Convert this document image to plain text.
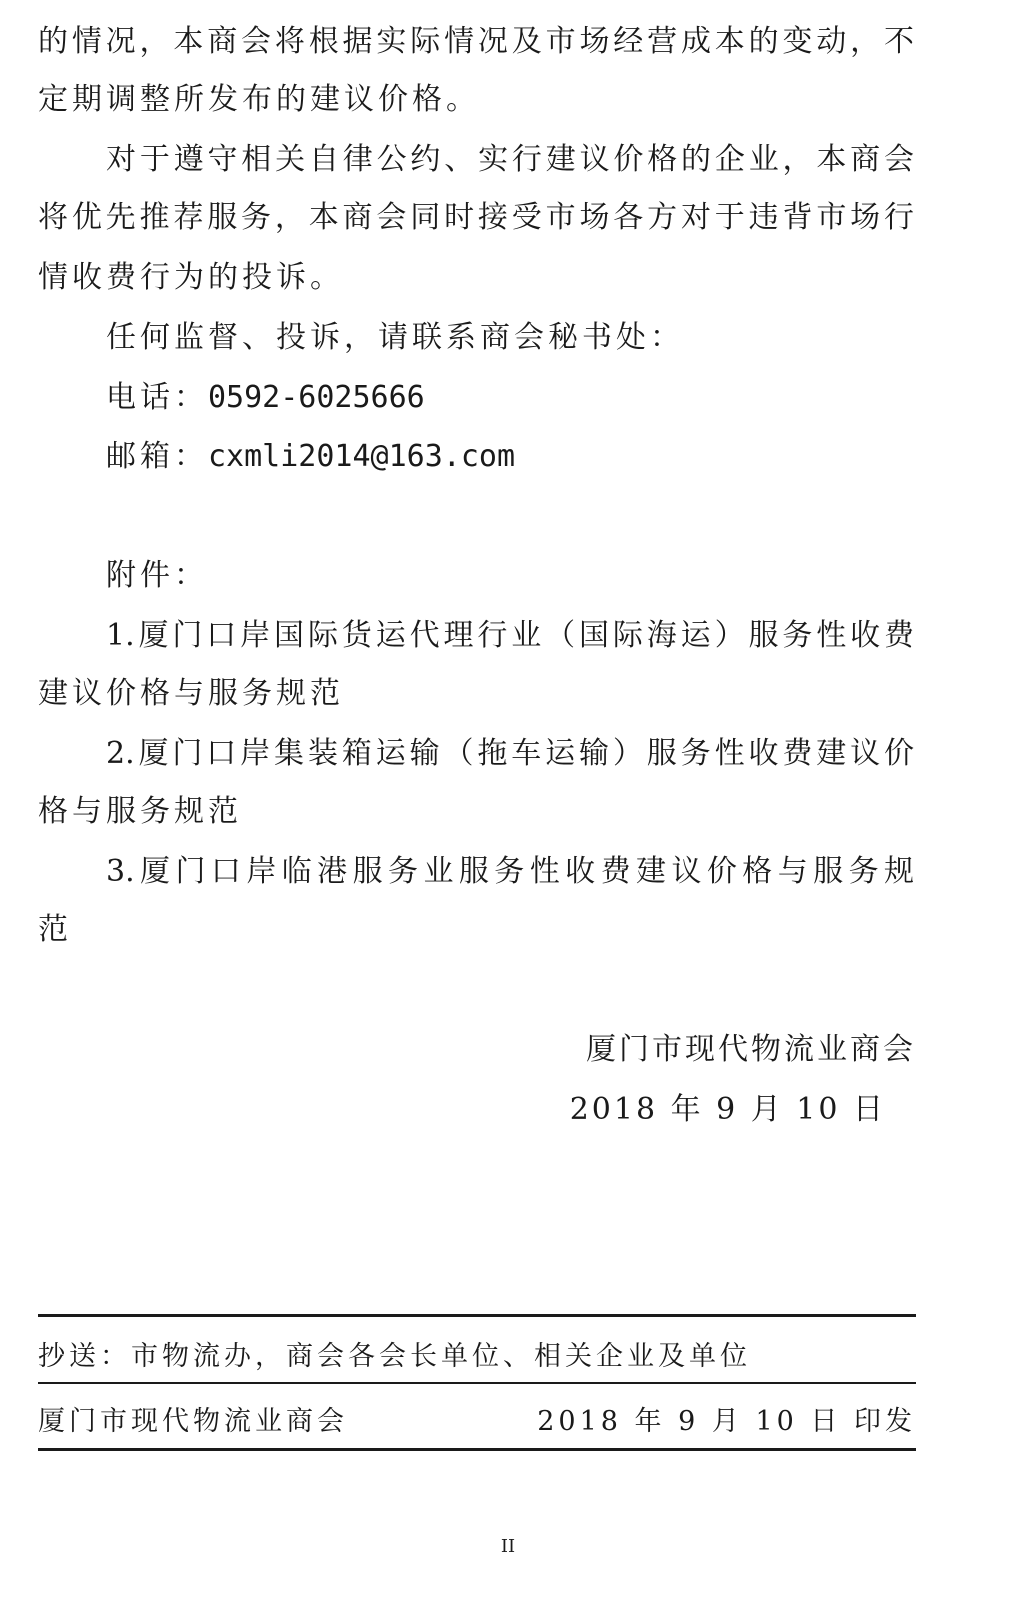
的情况，本商会将根据实际情况及市场经营成本的变动，不
定期调整所发布的建议价格。
对于遵守相关自律公约、实行建议价格的企业，本商会
将优先推荐服务，本商会同时接受市场各方对于违背市场行
情收费行为的投诉。
任何监督、投诉，请联系商会秘书处：
电话：0592-6025666
邮箱：cxmli2014@163.com
附件：
1.厦门口岸国际货运代理行业（国际海运）服务性收费
建议价格与服务规范
2.厦门口岸集装箱运输（拖车运输）服务性收费建议价
格与服务规范
3.厦门口岸临港服务业服务性收费建议价格与服务规
范
厦门市现代物流业商会
2018 年 9 月 10 日
抄送：市物流办，商会各会长单位、相关企业及单位
厦门市现代物流业商会	2018 年 9 月 10 日 印发
II
